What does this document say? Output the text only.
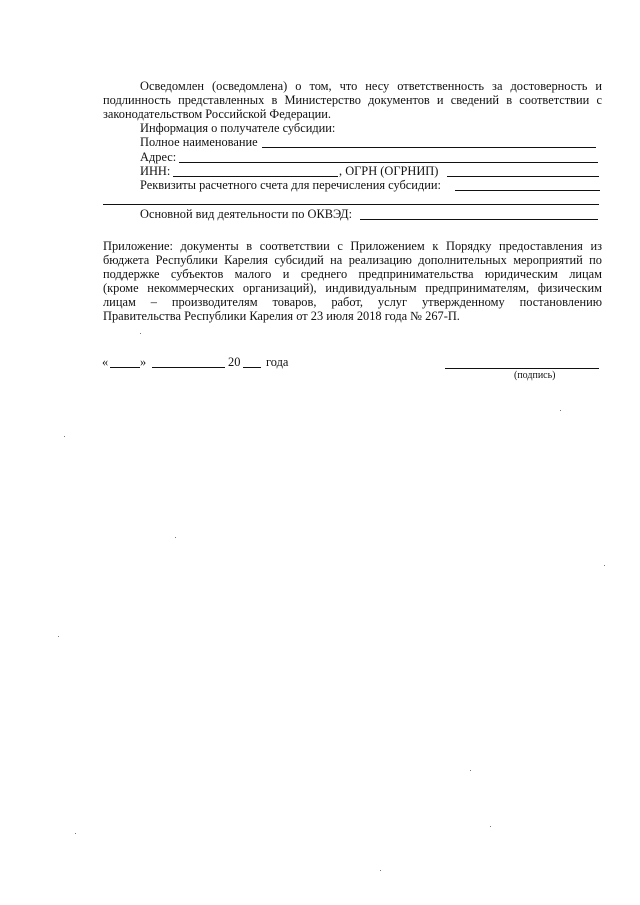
Осведомлен (осведомлена) о том, что несу ответственность за достоверность и
подлинность представленных в Министерство документов и сведений в соответствии с
законодательством Российской Федерации.
Информация о получателе субсидии:
Полное наименование
Адрес:
ИНН:	, ОГРН (ОГРНИП)
Реквизиты расчетного счета для перечисления субсидии:
Основной вид деятельности по ОКВЭД:
Приложение: документы в соответствии с Приложением к Порядку предоставления из
бюджета Республики Карелия субсидий на реализацию дополнительных мероприятий по
поддержке субъектов малого и среднего предпринимательства юридическим лицам
(кроме некоммерческих организаций), индивидуальным предпринимателям, физическим
лицам – производителям товаров, работ, услуг утвержденному постановлению
Правительства Республики Карелия от 23 июля 2018 года № 267-П.
«	»	20 года
(подпись)
